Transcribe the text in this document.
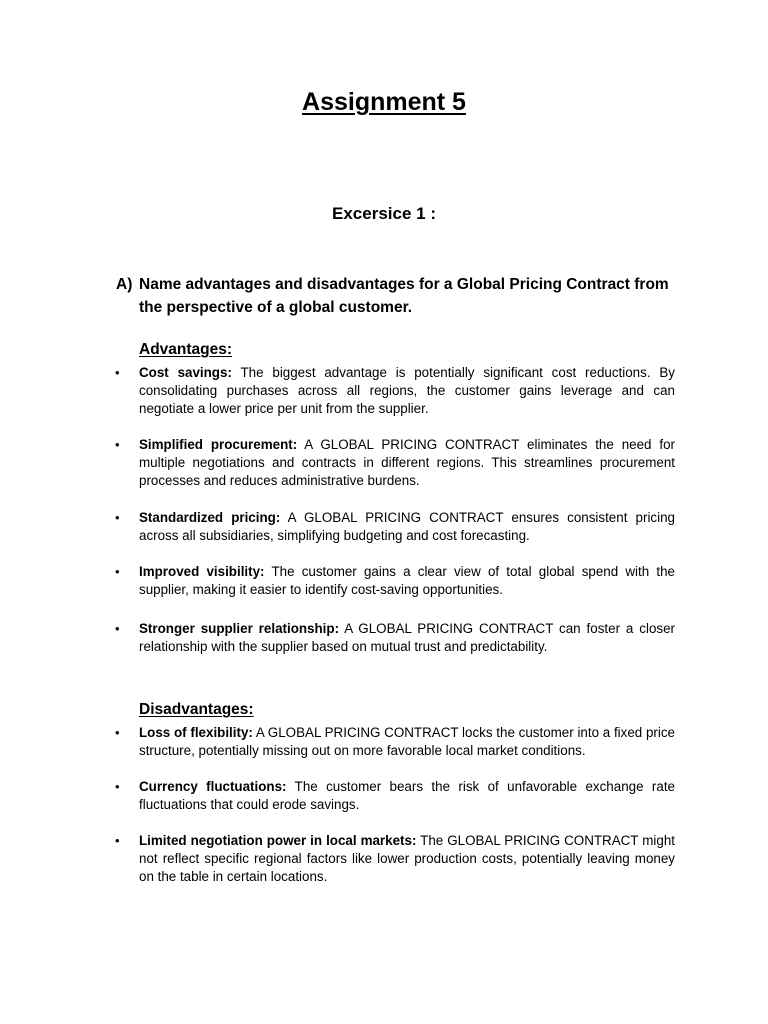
Assignment 5
Excersice 1 :
A) Name advantages and disadvantages for a Global Pricing Contract from the perspective of a global customer.
Advantages:
• Cost savings: The biggest advantage is potentially significant cost reductions. By consolidating purchases across all regions, the customer gains leverage and can negotiate a lower price per unit from the supplier.
• Simplified procurement: A GLOBAL PRICING CONTRACT eliminates the need for multiple negotiations and contracts in different regions. This streamlines procurement processes and reduces administrative burdens.
• Standardized pricing: A GLOBAL PRICING CONTRACT ensures consistent pricing across all subsidiaries, simplifying budgeting and cost forecasting.
• Improved visibility: The customer gains a clear view of total global spend with the supplier, making it easier to identify cost-saving opportunities.
• Stronger supplier relationship: A GLOBAL PRICING CONTRACT can foster a closer relationship with the supplier based on mutual trust and predictability.
Disadvantages:
• Loss of flexibility: A GLOBAL PRICING CONTRACT locks the customer into a fixed price structure, potentially missing out on more favorable local market conditions.
• Currency fluctuations: The customer bears the risk of unfavorable exchange rate fluctuations that could erode savings.
• Limited negotiation power in local markets: The GLOBAL PRICING CONTRACT might not reflect specific regional factors like lower production costs, potentially leaving money on the table in certain locations.
